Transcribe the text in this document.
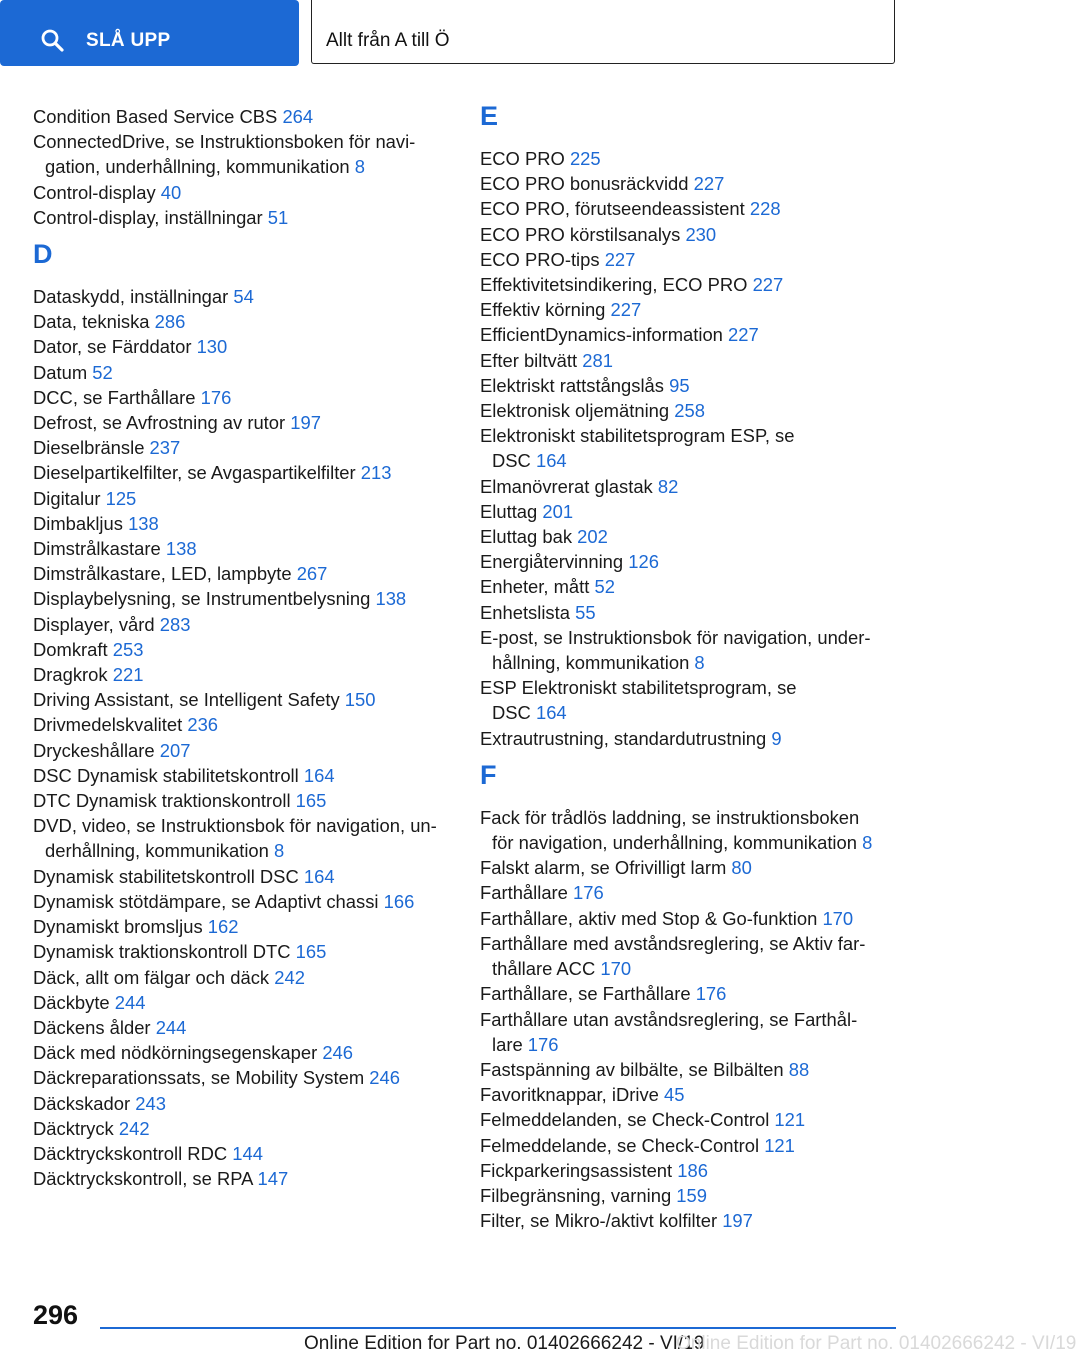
SLÅ UPP	Allt från A till Ö
Condition Based Service CBS 264
ConnectedDrive, se Instruktionsboken för navi-
gation, underhållning, kommunikation 8
Control-display 40
Control-display, inställningar 51
D
Dataskydd, inställningar 54
Data, tekniska 286
Dator, se Färddator 130
Datum 52
DCC, se Farthållare 176
Defrost, se Avfrostning av rutor 197
Dieselbränsle 237
Dieselpartikelfilter, se Avgaspartikelfilter 213
Digitalur 125
Dimbakljus 138
Dimstrålkastare 138
Dimstrålkastare, LED, lampbyte 267
Displaybelysning, se Instrumentbelysning 138
Displayer, vård 283
Domkraft 253
Dragkrok 221
Driving Assistant, se Intelligent Safety 150
Drivmedelskvalitet 236
Dryckeshållare 207
DSC Dynamisk stabilitetskontroll 164
DTC Dynamisk traktionskontroll 165
DVD, video, se Instruktionsbok för navigation, un-
derhållning, kommunikation 8
Dynamisk stabilitetskontroll DSC 164
Dynamisk stötdämpare, se Adaptivt chassi 166
Dynamiskt bromsljus 162
Dynamisk traktionskontroll DTC 165
Däck, allt om fälgar och däck 242
Däckbyte 244
Däckens ålder 244
Däck med nödkörningsegenskaper 246
Däckreparationssats, se Mobility System 246
Däckskador 243
Däcktryck 242
Däcktryckskontroll RDC 144
Däcktryckskontroll, se RPA 147
E
ECO PRO 225
ECO PRO bonusräckvidd 227
ECO PRO, förutseendeassistent 228
ECO PRO körstilsanalys 230
ECO PRO-tips 227
Effektivitetsindikering, ECO PRO 227
Effektiv körning 227
EfficientDynamics-information 227
Efter biltvätt 281
Elektriskt rattstångslås 95
Elektronisk oljemätning 258
Elektroniskt stabilitetsprogram ESP, se
DSC 164
Elmanövrerat glastak 82
Eluttag 201
Eluttag bak 202
Energiåtervinning 126
Enheter, mått 52
Enhetslista 55
E-post, se Instruktionsbok för navigation, under-
hållning, kommunikation 8
ESP Elektroniskt stabilitetsprogram, se
DSC 164
Extrautrustning, standardutrustning 9
F
Fack för trådlös laddning, se instruktionsboken
för navigation, underhållning, kommunikation 8
Falskt alarm, se Ofrivilligt larm 80
Farthållare 176
Farthållare, aktiv med Stop & Go-funktion 170
Farthållare med avståndsreglering, se Aktiv far-
thållare ACC 170
Farthållare, se Farthållare 176
Farthållare utan avståndsreglering, se Farthål-
lare 176
Fastspänning av bilbälte, se Bilbälten 88
Favoritknappar, iDrive 45
Felmeddelanden, se Check-Control 121
Felmeddelande, se Check-Control 121
Fickparkeringsassistent 186
Filbegränsning, varning 159
Filter, se Mikro-/aktivt kolfilter 197
296
Online Edition for Part no. 01402666242 - VI/19
Online Edition for Part no. 01402666242 - VI/19
